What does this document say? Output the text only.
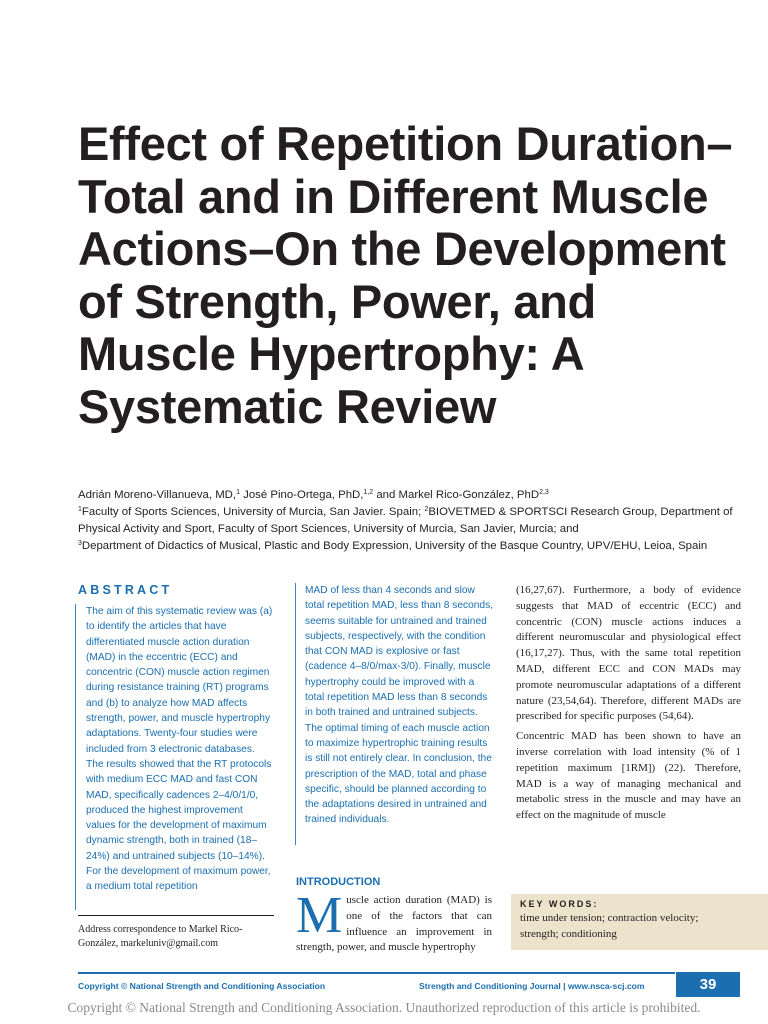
Effect of Repetition Duration–Total and in Different Muscle Actions–On the Development of Strength, Power, and Muscle Hypertrophy: A Systematic Review
Adrián Moreno-Villanueva, MD,$^1$ José Pino-Ortega, PhD,$^{1,2}$ and Markel Rico-González, PhD$^{2,3}$
$^1$Faculty of Sports Sciences, University of Murcia, San Javier. Spain; $^2$BIOVETMED & SPORTSCI Research Group, Department of Physical Activity and Sport, Faculty of Sport Sciences, University of Murcia, San Javier, Murcia; and
$^3$Department of Didactics of Musical, Plastic and Body Expression, University of the Basque Country, UPV/EHU, Leioa, Spain
ABSTRACT
The aim of this systematic review was (a) to identify the articles that have differentiated muscle action duration (MAD) in the eccentric (ECC) and concentric (CON) muscle action regimen during resistance training (RT) programs and (b) to analyze how MAD affects strength, power, and muscle hypertrophy adaptations. Twenty-four studies were included from 3 electronic databases. The results showed that the RT protocols with medium ECC MAD and fast CON MAD, specifically cadences 2–4/0/1/0, produced the highest improvement values for the development of maximum dynamic strength, both in trained (18–24%) and untrained subjects (10–14%). For the development of maximum power, a medium total repetition
MAD of less than 4 seconds and slow total repetition MAD, less than 8 seconds, seems suitable for untrained and trained subjects, respectively, with the condition that CON MAD is explosive or fast (cadence 4–8/0/max-3/0). Finally, muscle hypertrophy could be improved with a total repetition MAD less than 8 seconds in both trained and untrained subjects. The optimal timing of each muscle action to maximize hypertrophic training results is still not entirely clear. In conclusion, the prescription of the MAD, total and phase specific, should be planned according to the adaptations desired in untrained and trained individuals.
Address correspondence to Markel Rico-González, markeluniv@gmail.com
INTRODUCTION
Muscle action duration (MAD) is one of the factors that can influence an improvement in strength, power, and muscle hypertrophy

(16,27,67). Furthermore, a body of evidence suggests that MAD of eccentric (ECC) and concentric (CON) muscle actions induces a different neuromuscular and physiological effect (16,17,27). Thus, with the same total repetition MAD, different ECC and CON MADs may promote neuromuscular adaptations of a different nature (23,54,64). Therefore, different MADs are prescribed for specific purposes (54,64).

Concentric MAD has been shown to have an inverse correlation with load intensity (% of 1 repetition maximum [1RM]) (22). Therefore, MAD is a way of managing mechanical and metabolic stress in the muscle and may have an effect on the magnitude of muscle

KEY WORDS:
time under tension; contraction velocity; strength; conditioning
Copyright © National Strength and Conditioning Association	Strength and Conditioning Journal | www.nsca-scj.com	39
Copyright © National Strength and Conditioning Association. Unauthorized reproduction of this article is prohibited.
